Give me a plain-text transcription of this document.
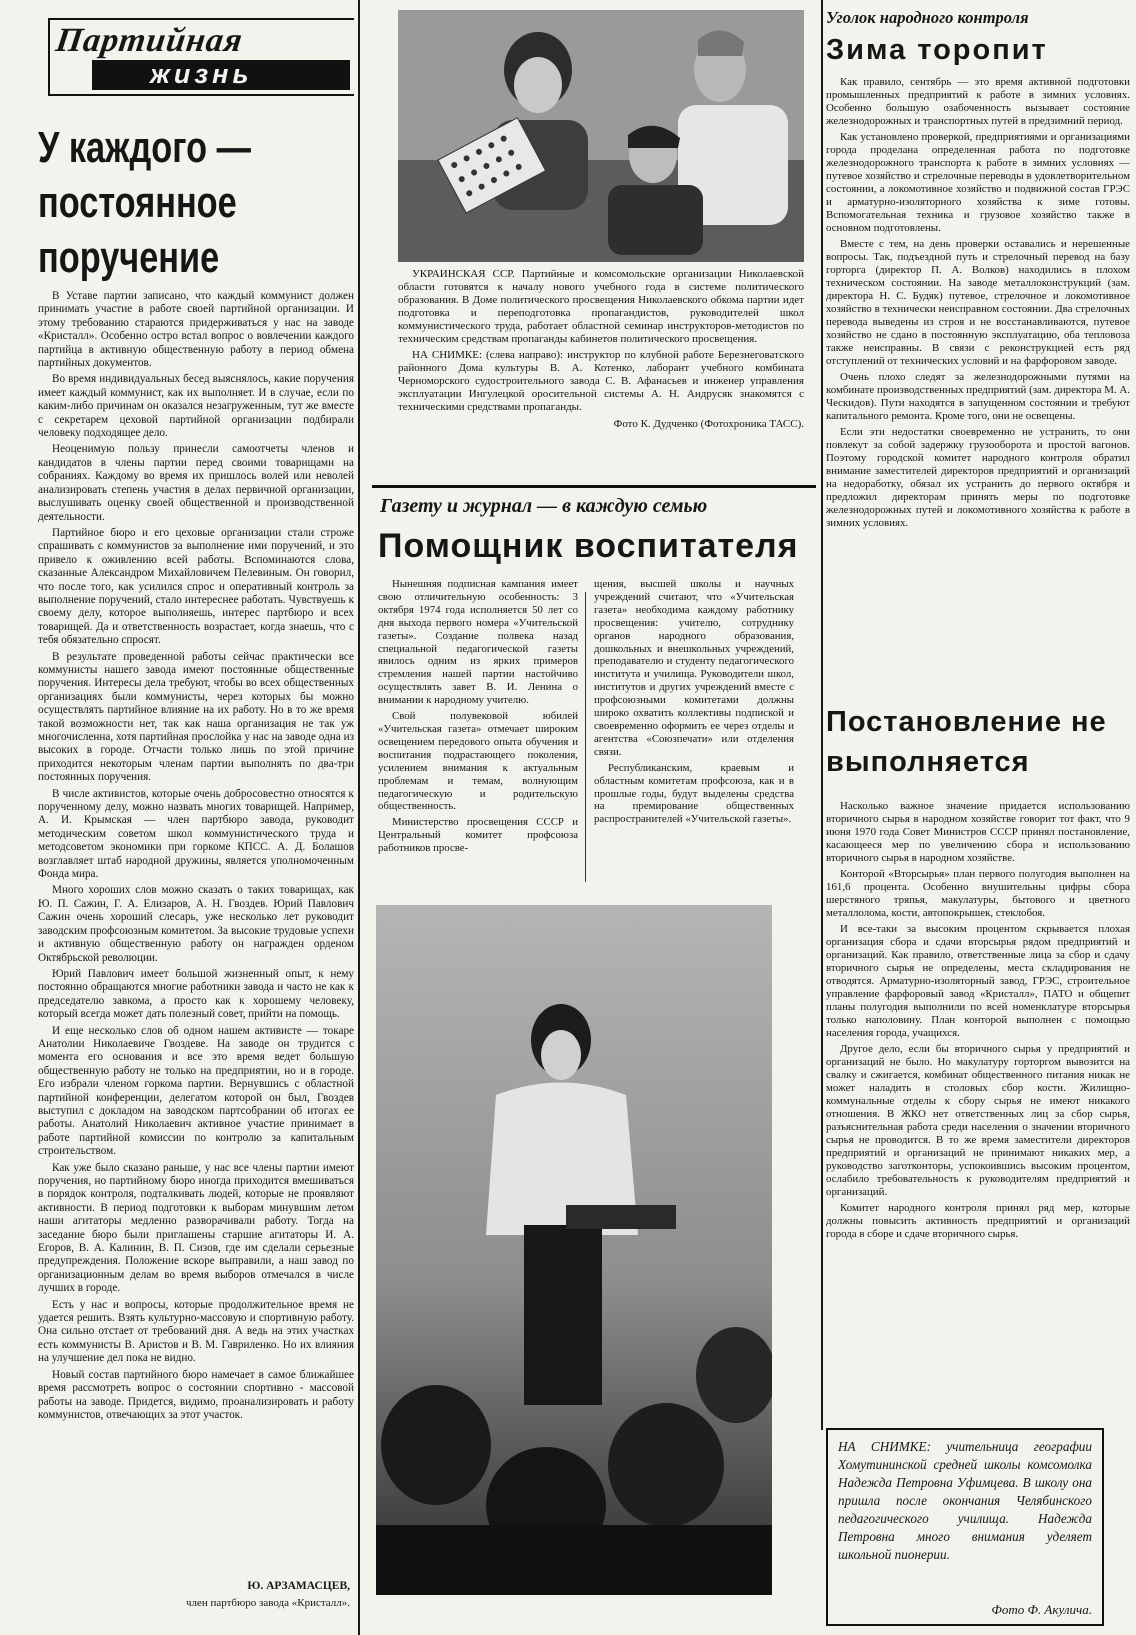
Партийная
жизнь
У каждого — постоянное поручение

В Уставе партии записано, что каждый коммунист должен принимать участие в работе своей партийной организации. И этому требованию стараются придерживаться у нас на заводе «Кристалл». Особенно остро встал вопрос о вовлечении каждого партийца в активную общественную работу в период обмена партийных документов.

Во время индивидуальных бесед выяснялось, какие поручения имеет каждый коммунист, как их выполняет. И в случае, если по каким-либо причинам он оказался незагруженным, тут же вместе с секретарем цеховой партийной организации подбирали человеку подходящее дело.

Неоценимую пользу принесли самоотчеты членов и кандидатов в члены партии перед своими товарищами на собраниях. Каждому во время их пришлось волей или неволей анализировать степень участия в делах первичной организации, выслушивать оценку своей общественной и производственной деятельности.

Партийное бюро и его цеховые организации стали строже спрашивать с коммунистов за выполнение ими поручений, и это привело к оживлению всей работы. Вспоминаются слова, сказанные Александром Михайловичем Пелевиным. Он говорил, что после того, как усилился спрос и оперативный контроль за выполнение поручений, стало интереснее работать. Чувствуешь к своему делу, которое выполняешь, интерес партбюро и всех товарищей. Да и ответственность возрастает, когда знаешь, что с тебя обязательно спросят.

В результате проведенной работы сейчас практически все коммунисты нашего завода имеют постоянные общественные поручения. Интересы дела требуют, чтобы во всех общественных организациях были коммунисты, через которых бы можно осуществлять партийное влияние на их работу. Но в то же время такой возможности нет, так как наша организация не так уж многочисленна, хотя партийная прослойка у нас на заводе одна из высоких в городе. Отчасти только лишь по этой причине приходится некоторым членам партии выполнять по два-три постоянных поручения.

В числе активистов, которые очень добросовестно относятся к порученному делу, можно назвать многих товарищей. Например, А. И. Крымская — член партбюро завода, руководит методическим советом школ коммунистического труда и методсоветом экономики при горкоме КПСС. А. Д. Болашов возглавляет штаб народной дружины, является уполномоченным Фонда мира.

Много хороших слов можно сказать о таких товарищах, как Ю. П. Сажин, Г. А. Елизаров, А. Н. Гвоздев. Юрий Павлович Сажин очень хороший слесарь, уже несколько лет руководит заводским профсоюзным комитетом. За высокие трудовые успехи и активную общественную работу он награжден орденом Октябрьской революции.

Юрий Павлович имеет большой жизненный опыт, к нему постоянно обращаются многие работники завода и часто не как к председателю завкома, а просто как к хорошему человеку, который всегда может дать полезный совет, прийти на помощь.

И еще несколько слов об одном нашем активисте — токаре Анатолии Николаевиче Гвоздеве. На заводе он трудится с момента его основания и все это время ведет большую общественную работу не только на предприятии, но и в городе. Его избрали членом горкома партии. Вернувшись с областной партийной конференции, делегатом которой он был, Гвоздев выступил с докладом на заводском партсобрании об итогах ее работы. Анатолий Николаевич активное участие принимает в работе партийной комиссии по контролю за капитальным строительством.

Как уже было сказано раньше, у нас все члены партии имеют поручения, но партийному бюро иногда приходится вмешиваться в порядок контроля, подталкивать людей, которые не проявляют активности. В период подготовки к выборам минувшим летом наши агитаторы медленно разворачивали работу. Тогда на заседание бюро были приглашены старшие агитаторы И. А. Егоров, В. А. Калинин, В. П. Сизов, где им сделали серьезные предупреждения. Положение вскоре выправили, а наш завод по организационным делам во время выборов отмечался в числе лучших в городе.

Есть у нас и вопросы, которые продолжительное время не удается решить. Взять культурно-массовую и спортивную работу. Она сильно отстает от требований дня. А ведь на этих участках есть коммунисты В. Аристов и В. М. Гавриленко. Но их влияния на улучшение дел пока не видно.

Новый состав партийного бюро намечает в самое ближайшее время рассмотреть вопрос о состоянии спортивно - массовой работы на заводе. Придется, видимо, проанализировать и работу коммунистов, отвечающих за этот участок.

Ю. АРЗАМАСЦЕВ,
член партбюро завода «Кристалл».

УКРАИНСКАЯ ССР. Партийные и комсомольские организации Николаевской области готовятся к началу нового учебного года в системе политического образования. В Доме политического просвещения Николаевского обкома партии идет подготовка и переподготовка пропагандистов, руководителей школ коммунистического труда, работает областной семинар инструкторов-методистов по техническим средствам пропаганды кабинетов политического просвещения.

НА СНИМКЕ: (слева направо): инструктор по клубной работе Березнеговатского районного Дома культуры В. А. Котенко, лаборант учебного комбината Черноморского судостроительного завода С. В. Афанасьев и инженер управления эксплуатации Ингулецкой оросительной системы А. Н. Андрусяк знакомятся с техническими средствами пропаганды.

Фото К. Дудченко (Фотохроника ТАСС).
Газету и журнал — в каждую семью
Помощник воспитателя

Нынешняя подписная кампания имеет свою отличительную особенность: 3 октября 1974 года исполняется 50 лет со дня выхода первого номера «Учительской газеты». Создание полвека назад специальной педагогической газеты явилось одним из ярких примеров стремления нашей партии настойчиво осуществлять завет В. И. Ленина о внимании к народному учителю.

Свой полувековой юбилей «Учительская газета» отмечает широким освещением передового опыта обучения и воспитания подрастающего поколения, усилением внимания к актуальным проблемам и темам, волнующим педагогическую и родительскую общественность.

Министерство просвещения СССР и Центральный комитет профсоюза работников просве-

щения, высшей школы и научных учреждений считают, что «Учительская газета» необходима каждому работнику просвещения: учителю, сотруднику органов народного образования, дошкольных и внешкольных учреждений, преподавателю и студенту педагогического института и училища. Руководители школ, институтов и других учреждений вместе с профсоюзными комитетами должны широко охватить коллективы подпиской и своевременно оформить ее через отделы и агентства «Союзпечати» или отделения связи.

Республиканским, краевым и областным комитетам профсоюза, как и в прошлые годы, будут выделены средства на премирование общественных распространителей «Учительской газеты».

Уголок народного контроля
Зима торопит

Как правило, сентябрь — это время активной подготовки промышленных предприятий к работе в зимних условиях. Особенно большую озабоченность вызывает состояние железнодорожных и транспортных путей в предзимний период.

Как установлено проверкой, предприятиями и организациями города проделана определенная работа по подготовке железнодорожного транспорта к работе в зимних условиях — путевое хозяйство и стрелочные переводы в удовлетворительном состоянии, а локомотивное хозяйство и подвижной состав ГРЭС и арматурно-изоляторного хозяйства к зиме готовы. Вспомогательная техника и грузовое хозяйство также в основном подготовлены.

Вместе с тем, на день проверки оставались и нерешенные вопросы. Так, подъездной путь и стрелочный перевод на базу горторга (директор П. А. Волков) находились в плохом техническом состоянии. На заводе металлоконструкций (зам. директора Н. С. Будяк) путевое, стрелочное и локомотивное хозяйство в технически неисправном состоянии. Два стрелочных перевода выведены из строя и не восстанавливаются, путевое хозяйство не сдано в постоянную эксплуатацию, оба тепловоза также неисправны. В связи с реконструкцией есть ряд отступлений от технических условий и на фарфоровом заводе.

Очень плохо следят за железнодорожными путями на комбинате производственных предприятий (зам. директора М. А. Ческидов). Пути находятся в запущенном состоянии и требуют капитального ремонта. Кроме того, они не освещены.

Если эти недостатки своевременно не устранить, то они повлекут за собой задержку грузооборота и простой вагонов. Поэтому городской комитет народного контроля обратил внимание заместителей директоров предприятий и организаций на недоработку, обязал их устранить до первого октября и предложил директорам принять меры по подготовке железнодорожных путей и локомотивного хозяйства к работе в зимних условиях.

Постановление не выполняется

Насколько важное значение придается использованию вторичного сырья в народном хозяйстве говорит тот факт, что 9 июня 1970 года Совет Министров СССР принял постановление, касающееся мер по увеличению сбора и использованию вторичного сырья в народном хозяйстве.

Конторой «Вторсырья» план первого полугодия выполнен на 161,6 процента. Особенно внушительны цифры сбора шерстяного тряпья, макулатуры, бытового и цветного металлолома, кости, автопокрышек, стеклобоя.

И все-таки за высоким процентом скрывается плохая организация сбора и сдачи вторсырья рядом предприятий и организаций. Как правило, ответственные лица за сбор и сдачу вторичного сырья не определены, места складирования не отводятся. Арматурно-изоляторный завод, ГРЭС, строительное управление фарфоровый завод «Кристалл», ПАТО и общепит планы полугодия выполнили по всей номенклатуре вторсырья только наполовину. План конторой выполнен с помощью населения города, учащихся.

Другое дело, если бы вторичного сырья у предприятий и организаций не было. Но макулатуру горторгом вывозится на свалку и сжигается, комбинат общественного питания никак не может наладить в столовых сбор кости. Жилищно-коммунальные отделы к сбору сырья не имеют никакого отношения. В ЖКО нет ответственных лиц за сбор сырья, разъяснительная работа среди населения о значении вторичного сырья не проводится. В то же время заместители директоров предприятий и организаций не принимают никаких мер, а руководство заготконторы, успокоившись высоким процентом, ослабило требовательность к руководителям предприятий и организаций.

Комитет народного контроля принял ряд мер, которые должны повысить активность предприятий и организаций города в сборе и сдаче вторичного сырья.

НА СНИМКЕ: учительница географии Хомутининской средней школы комсомолка Надежда Петровна Уфимцева. В школу она пришла после окончания Челябинского педагогического училища. Надежда Петровна много внимания уделяет школьной пионерии.
Фото Ф. Акулича.
